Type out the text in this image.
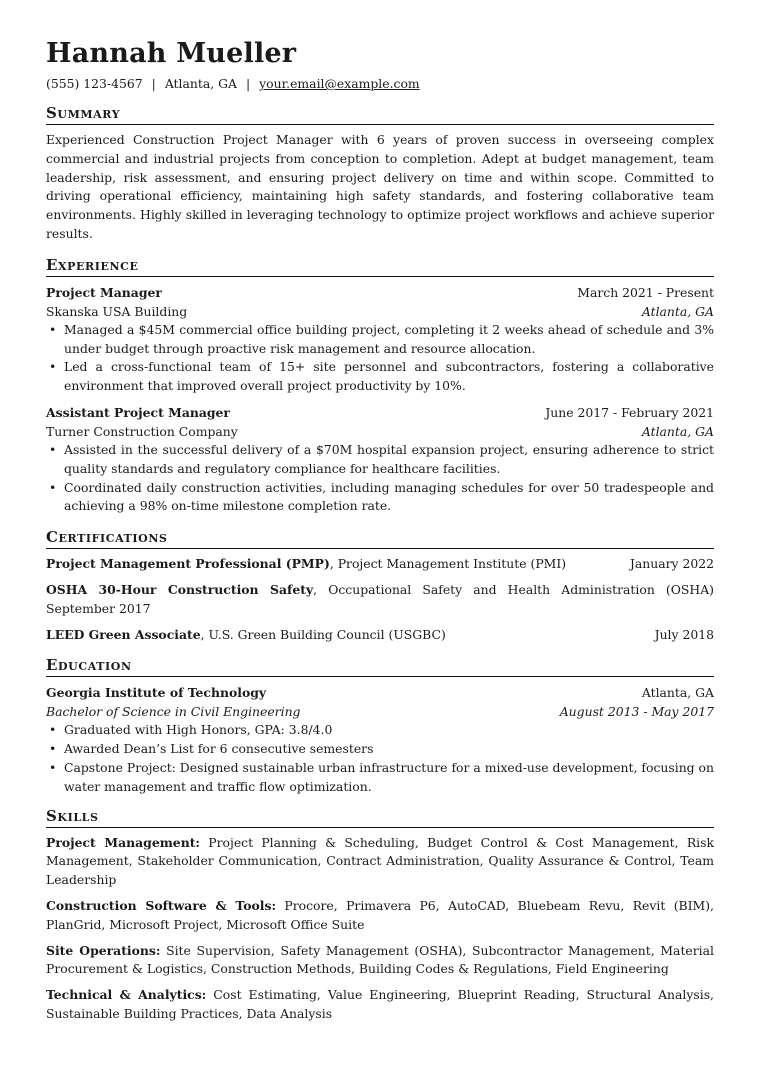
Hannah Mueller
(555) 123-4567 | Atlanta, GA | your.email@example.com
Summary
Experienced Construction Project Manager with 6 years of proven success in overseeing complex commercial and industrial projects from conception to completion. Adept at budget management, team leadership, risk assessment, and ensuring project delivery on time and within scope. Committed to driving operational efficiency, maintaining high safety standards, and fostering collaborative team environments. Highly skilled in leveraging technology to optimize project workflows and achieve superior results.
Experience
Project Manager	March 2021 - Present
Skanska USA Building	Atlanta, GA
• Managed a $45M commercial office building project, completing it 2 weeks ahead of schedule and 3% under budget through proactive risk management and resource allocation.
• Led a cross-functional team of 15+ site personnel and subcontractors, fostering a collaborative environment that improved overall project productivity by 10%.
Assistant Project Manager	June 2017 - February 2021
Turner Construction Company	Atlanta, GA
• Assisted in the successful delivery of a $70M hospital expansion project, ensuring adherence to strict quality standards and regulatory compliance for healthcare facilities.
• Coordinated daily construction activities, including managing schedules for over 50 tradespeople and achieving a 98% on-time milestone completion rate.
Certifications
Project Management Professional (PMP), Project Management Institute (PMI)	January 2022
OSHA 30-Hour Construction Safety, Occupational Safety and Health Administration (OSHA) September 2017
LEED Green Associate, U.S. Green Building Council (USGBC)	July 2018
Education
Georgia Institute of Technology	Atlanta, GA
Bachelor of Science in Civil Engineering	August 2013 - May 2017
• Graduated with High Honors, GPA: 3.8/4.0
• Awarded Dean’s List for 6 consecutive semesters
• Capstone Project: Designed sustainable urban infrastructure for a mixed-use development, focusing on water management and traffic flow optimization.
Skills
Project Management: Project Planning & Scheduling, Budget Control & Cost Management, Risk Management, Stakeholder Communication, Contract Administration, Quality Assurance & Control, Team Leadership
Construction Software & Tools: Procore, Primavera P6, AutoCAD, Bluebeam Revu, Revit (BIM), PlanGrid, Microsoft Project, Microsoft Office Suite
Site Operations: Site Supervision, Safety Management (OSHA), Subcontractor Management, Material Procurement & Logistics, Construction Methods, Building Codes & Regulations, Field Engineering
Technical & Analytics: Cost Estimating, Value Engineering, Blueprint Reading, Structural Analysis, Sustainable Building Practices, Data Analysis
